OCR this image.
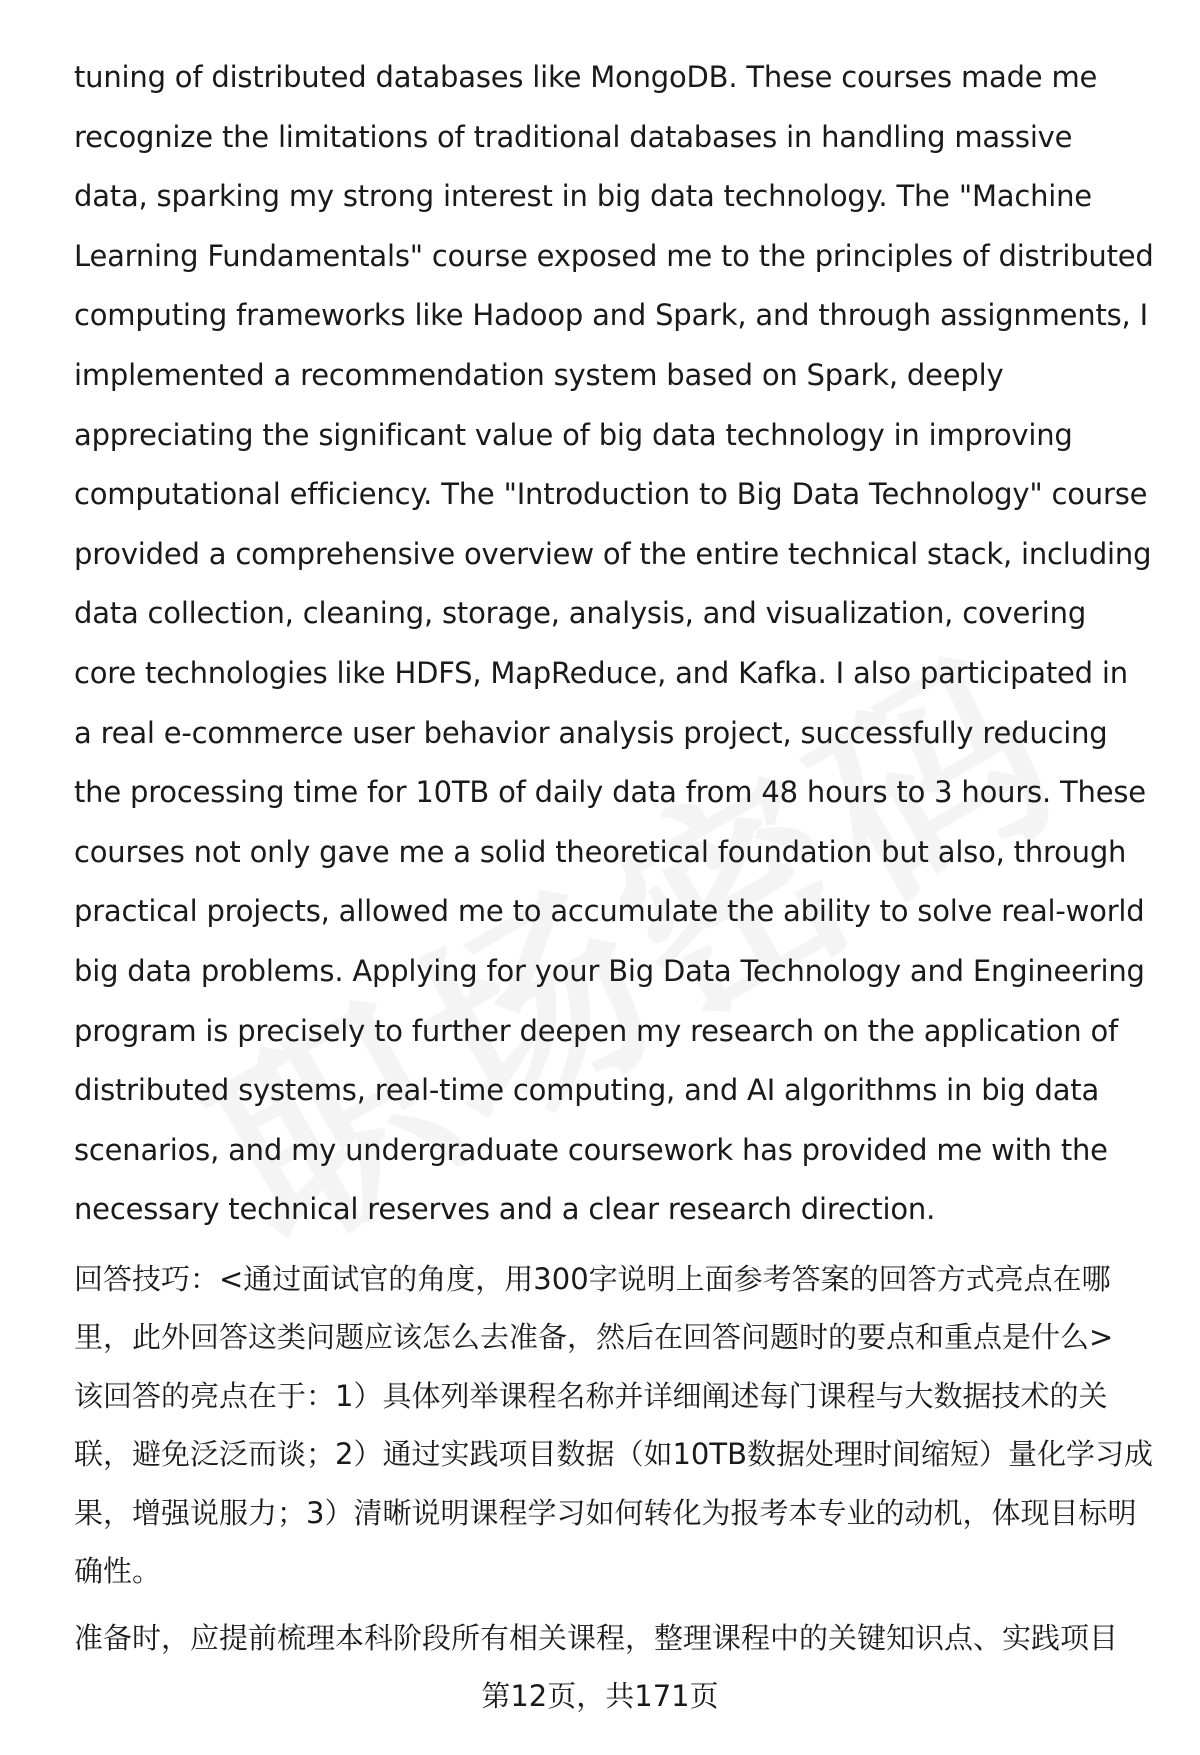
tuning of distributed databases like MongoDB. These courses made me recognize the limitations of traditional databases in handling massive data, sparking my strong interest in big data technology. The "Machine Learning Fundamentals" course exposed me to the principles of distributed computing frameworks like Hadoop and Spark, and through assignments, I implemented a recommendation system based on Spark, deeply appreciating the significant value of big data technology in improving computational efficiency. The "Introduction to Big Data Technology" course provided a comprehensive overview of the entire technical stack, including data collection, cleaning, storage, analysis, and visualization, covering core technologies like HDFS, MapReduce, and Kafka. I also participated in a real e-commerce user behavior analysis project, successfully reducing the processing time for 10TB of daily data from 48 hours to 3 hours. These courses not only gave me a solid theoretical foundation but also, through practical projects, allowed me to accumulate the ability to solve real-world big data problems. Applying for your Big Data Technology and Engineering program is precisely to further deepen my research on the application of distributed systems, real-time computing, and AI algorithms in big data scenarios, and my undergraduate coursework has provided me with the necessary technical reserves and a clear research direction.

回答技巧：<通过面试官的角度，用300字说明上面参考答案的回答方式亮点在哪里，此外回答这类问题应该怎么去准备，然后在回答问题时的要点和重点是什么>
该回答的亮点在于：1）具体列举课程名称并详细阐述每门课程与大数据技术的关联，避免泛泛而谈；2）通过实践项目数据（如10TB数据处理时间缩短）量化学习成果，增强说服力；3）清晰说明课程学习如何转化为报考本专业的动机，体现目标明确性。

准备时，应提前梳理本科阶段所有相关课程，整理课程中的关键知识点、实践项目

第12页，共171页
